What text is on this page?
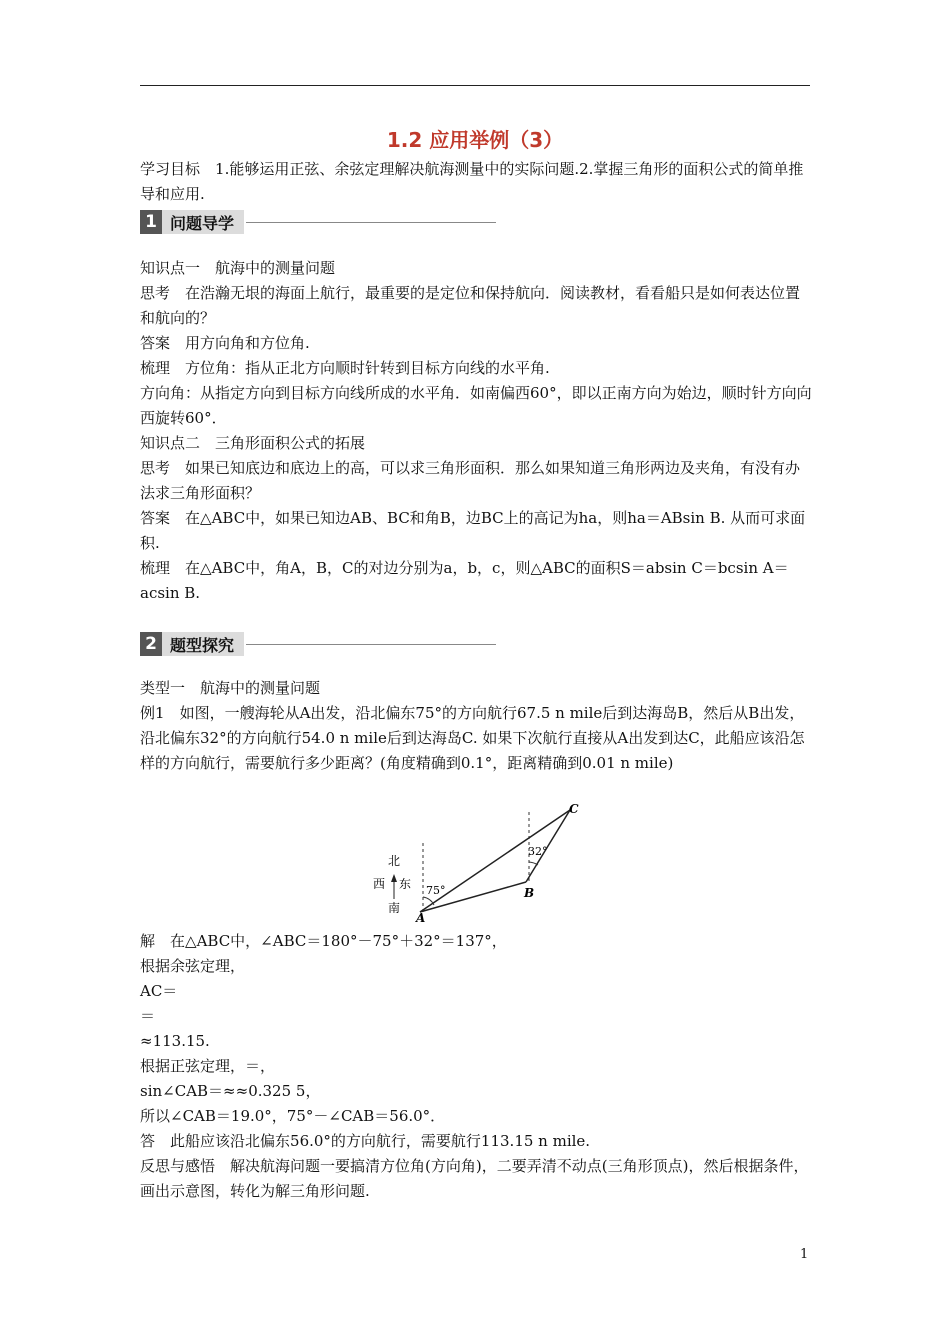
1.2 应用举例（3）

学习目标　 1.能够运用正弦、余弦定理解决航海测量中的实际问题.2.掌握三角形的面积公式的简单推导和应用.

1 问题导学

知识点一　航海中的测量问题

思考　 在浩瀚无垠的海面上航行，最重要的是定位和保持航向．阅读教材，看看船只是如何表达位置和航向的？

答案　 用方向角和方位角.

梳理　 方位角：指从正北方向顺时针转到目标方向线的水平角.

方向角：从指定方向到目标方向线所成的水平角．如南偏西60°，即以正南方向为始边，顺时针方向向西旋转60°．

知识点二　三角形面积公式的拓展

思考　 如果已知底边和底边上的高，可以求三角形面积．那么如果知道三角形两边及夹角，有没有办法求三角形面积？

答案　 在△ABC中，如果已知边AB、BC和角B，边BC上的高记为ha，则ha＝ABsin B. 从而可求面积.

梳理　 在△ABC中，角A，B，C的对边分别为a，b，c，则△ABC的面积S＝absin C＝bcsin A＝acsin B.

2 题型探究

类型一　航海中的测量问题

例1　 如图，一艘海轮从A出发，沿北偏东75°的方向航行67.5 n mile后到达海岛B，然后从B出发，沿北偏东32°的方向航行54.0 n mile后到达海岛C. 如果下次航行直接从A出发到达C，此船应该沿怎样的方向航行，需要航行多少距离？(角度精确到0.1°，距离精确到0.01 n mile)

北
西 东
南
75°
32°
A
B
C

解　 在△ABC中，∠ABC＝180°－75°＋32°＝137°，

根据余弦定理，

AC＝

＝

≈113.15.

根据正弦定理，＝，

sin∠CAB＝≈≈0.325 5，

所以∠CAB＝19.0°，75°－∠CAB＝56.0°．

答　 此船应该沿北偏东56.0°的方向航行，需要航行113.15 n mile.

反思与感悟　 解决航海问题一要搞清方位角(方向角)，二要弄清不动点(三角形顶点)，然后根据条件，画出示意图，转化为解三角形问题.

1
